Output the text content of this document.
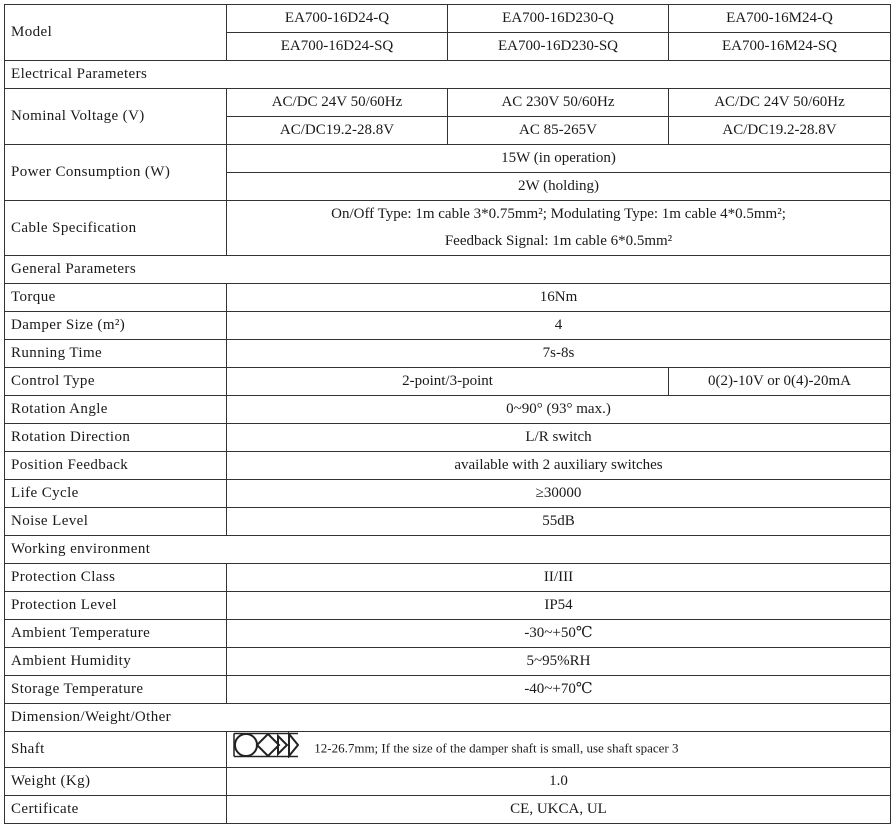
Model	EA700-16D24-Q	EA700-16D230-Q	EA700-16M24-Q
	EA700-16D24-SQ	EA700-16D230-SQ	EA700-16M24-SQ
Electrical Parameters			
Nominal Voltage (V)	AC/DC 24V 50/60Hz	AC 230V 50/60Hz	AC/DC 24V 50/60Hz
	AC/DC19.2-28.8V	AC 85-265V	AC/DC19.2-28.8V
Power Consumption (W)	15W (in operation)		
	2W (holding)		
Cable Specification	On/Off Type: 1m cable 3*0.75mm²; Modulating Type: 1m cable 4*0.5mm²;
Feedback Signal: 1m cable 6*0.5mm²		

General Parameters			
Torque	16Nm		
Damper Size (m²)	4		
Running Time	7s-8s		
Control Type	2-point/3-point		0(2)-10V or 0(4)-20mA
Rotation Angle	0~90° (93° max.)		
Rotation Direction	L/R switch		
Position Feedback	available with 2 auxiliary switches		
Life Cycle	≥30000		
Noise Level	55dB		
Working environment			
Protection Class	II/III		
Protection Level	IP54		
Ambient Temperature	-30~+50℃		
Ambient Humidity	5~95%RH		
Storage Temperature	-40~+70℃		
Dimension/Weight/Other			
Shaft	12-26.7mm; If the size of the damper shaft is small, use shaft spacer 3		
Weight (Kg)	1.0		
Certificate	CE, UKCA, UL		
